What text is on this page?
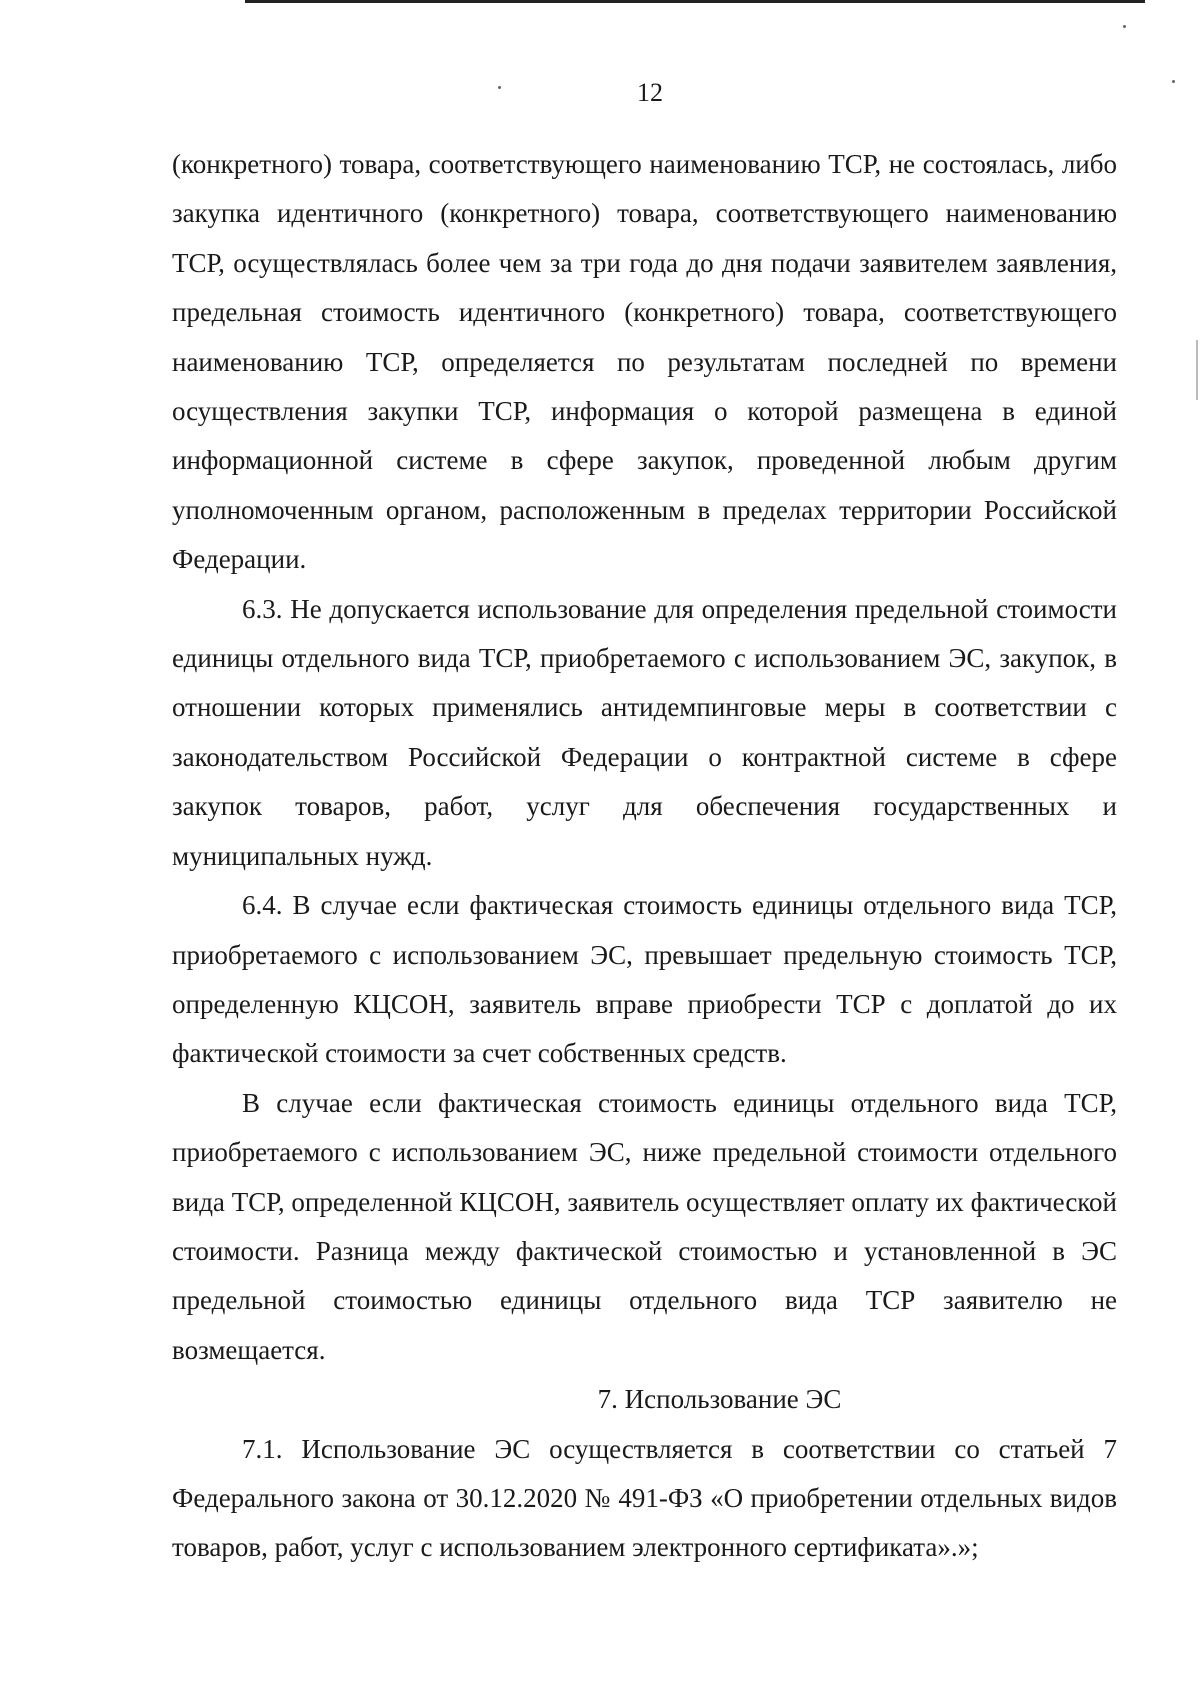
12

(конкретного) товара, соответствующего наименованию ТСР, не состоялась, либо закупка идентичного (конкретного) товара, соответствующего наименованию ТСР, осуществлялась более чем за три года до дня подачи заявителем заявления, предельная стоимость идентичного (конкретного) товара, соответствующего наименованию ТСР, определяется по результатам последней по времени осуществления закупки ТСР, информация о которой размещена в единой информационной системе в сфере закупок, проведенной любым другим уполномоченным органом, расположенным в пределах территории Российской Федерации.

6.3. Не допускается использование для определения предельной стоимости единицы отдельного вида ТСР, приобретаемого с использованием ЭС, закупок, в отношении которых применялись антидемпинговые меры в соответствии с законодательством Российской Федерации о контрактной системе в сфере закупок товаров, работ, услуг для обеспечения государственных и муниципальных нужд.

6.4. В случае если фактическая стоимость единицы отдельного вида ТСР, приобретаемого с использованием ЭС, превышает предельную стоимость ТСР, определенную КЦСОН, заявитель вправе приобрести ТСР с доплатой до их фактической стоимости за счет собственных средств.

В случае если фактическая стоимость единицы отдельного вида ТСР, приобретаемого с использованием ЭС, ниже предельной стоимости отдельного вида ТСР, определенной КЦСОН, заявитель осуществляет оплату их фактической стоимости. Разница между фактической стоимостью и установленной в ЭС предельной стоимостью единицы отдельного вида ТСР заявителю не возмещается.

7. Использование ЭС

7.1. Использование ЭС осуществляется в соответствии со статьей 7 Федерального закона от 30.12.2020 № 491-ФЗ «О приобретении отдельных видов товаров, работ, услуг с использованием электронного сертификата».»;
